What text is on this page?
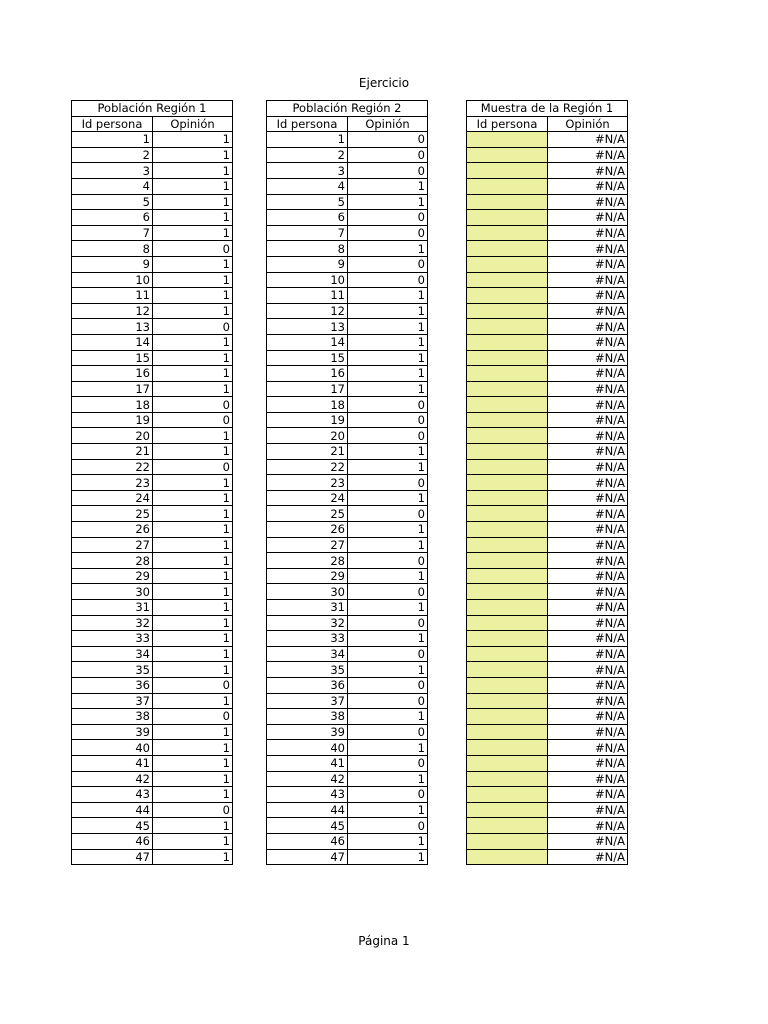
Ejercicio
Población Región 1	
Id persona	Opinión
1	1
2	1
3	1
4	1
5	1
6	1
7	1
8	0
9	1
10	1
11	1
12	1
13	0
14	1
15	1
16	1
17	1
18	0
19	0
20	1
21	1
22	0
23	1
24	1
25	1
26	1
27	1
28	1
29	1
30	1
31	1
32	1
33	1
34	1
35	1
36	0
37	1
38	0
39	1
40	1
41	1
42	1
43	1
44	0
45	1
46	1
47	1
Población Región 2	
Id persona	Opinión
1	0
2	0
3	0
4	1
5	1
6	0
7	0
8	1
9	0
10	0
11	1
12	1
13	1
14	1
15	1
16	1
17	1
18	0
19	0
20	0
21	1
22	1
23	0
24	1
25	0
26	1
27	1
28	0
29	1
30	0
31	1
32	0
33	1
34	0
35	1
36	0
37	0
38	1
39	0
40	1
41	0
42	1
43	0
44	1
45	0
46	1
47	1
Muestra de la Región 1	
Id persona	Opinión
	#N/A
	#N/A
	#N/A
	#N/A
	#N/A
	#N/A
	#N/A
	#N/A
	#N/A
	#N/A
	#N/A
	#N/A
	#N/A
	#N/A
	#N/A
	#N/A
	#N/A
	#N/A
	#N/A
	#N/A
	#N/A
	#N/A
	#N/A
	#N/A
	#N/A
	#N/A
	#N/A
	#N/A
	#N/A
	#N/A
	#N/A
	#N/A
	#N/A
	#N/A
	#N/A
	#N/A
	#N/A
	#N/A
	#N/A
	#N/A
	#N/A
	#N/A
	#N/A
	#N/A
	#N/A
	#N/A
	#N/A
Página 1
